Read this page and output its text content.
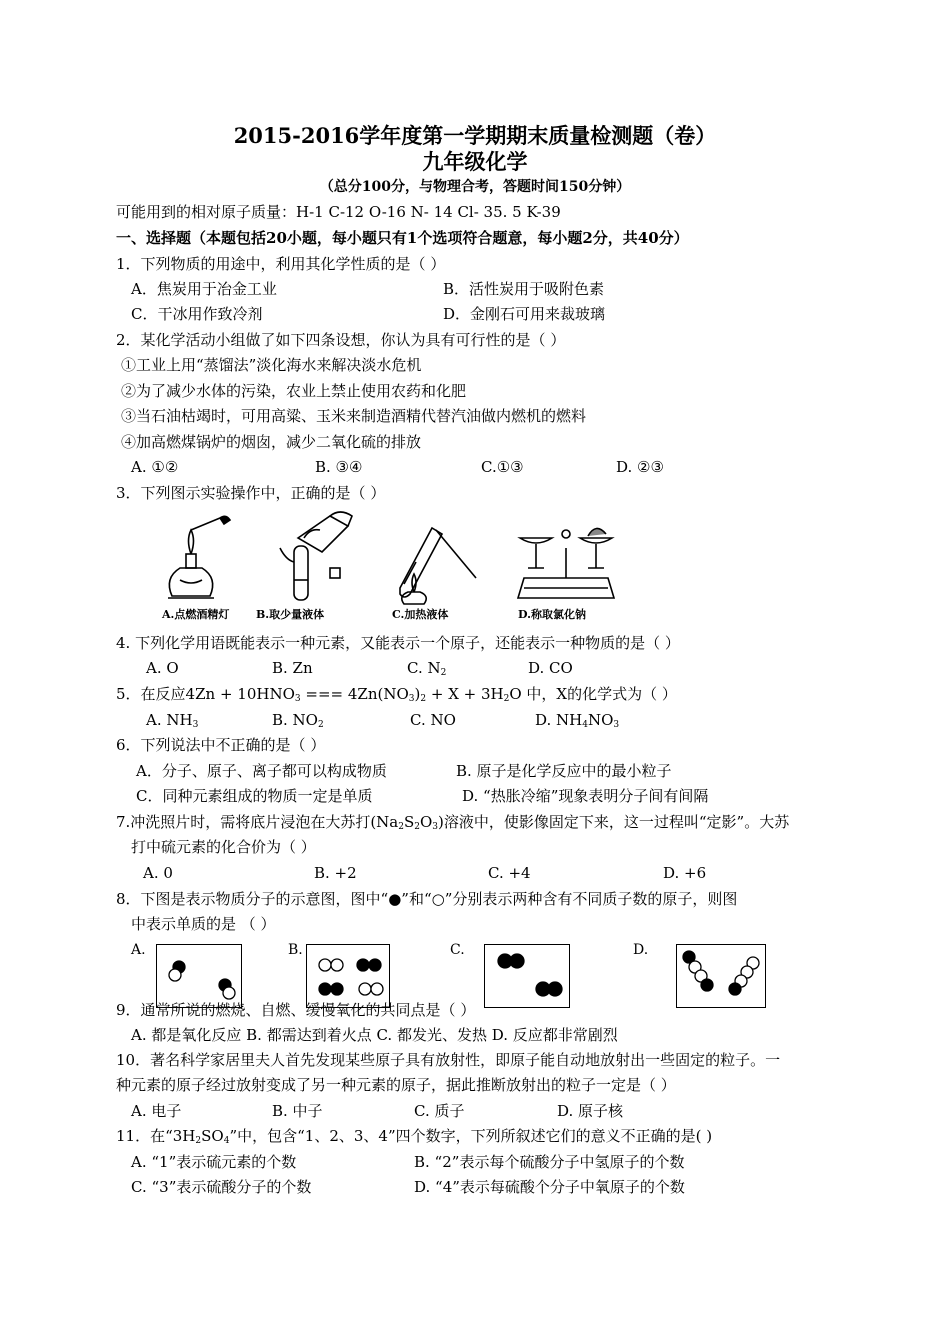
2015-2016学年度第一学期期末质量检测题（卷）
九年级化学
（总分100分，与物理合考，答题时间150分钟）
可能用到的相对原子质量：H-1 C-12 O-16 N- 14 Cl- 35. 5 K-39
一、选择题（本题包括20小题，每小题只有1个选项符合题意，每小题2分，共40分）
1．下列物质的用途中，利用其化学性质的是（ ）
A．焦炭用于冶金工业	B．活性炭用于吸附色素
C．干冰用作致冷剂	D．金刚石可用来裁玻璃
2．某化学活动小组做了如下四条设想，你认为具有可行性的是（ ）
①工业上用“蒸馏法”淡化海水来解决淡水危机
②为了减少水体的污染，农业上禁止使用农药和化肥
③当石油枯竭时，可用高粱、玉米来制造酒精代替汽油做内燃机的燃料
④加高燃煤锅炉的烟囱，减少二氧化硫的排放
A. ①②	B. ③④	C.①③	D. ②③
3．下列图示实验操作中，正确的是（ ）
A.点燃酒精灯 B.取少量液体	C.加热液体	D.称取氯化钠
4. 下列化学用语既能表示一种元素，又能表示一个原子，还能表示一种物质的是（ ）
A. O	B. Zn	C. $N_2$	D. CO
5．在反应$4Zn + 10HNO_3$ === $4Zn(NO_3)_2 + X + 3H_2O$ 中，X的化学式为（ ）
A. $NH_3$	B. $NO_2$	C. NO	D. $NH_4NO_3$
6．下列说法中不正确的是（ ）
A．分子、原子、离子都可以构成物质	B. 原子是化学反应中的最小粒子
C．同种元素组成的物质一定是单质	D. “热胀冷缩”现象表明分子间有间隔
7.冲洗照片时，需将底片浸泡在大苏打$(Na_2S_2O_3)$溶液中，使影像固定下来，这一过程叫“定影”。大苏
打中硫元素的化合价为（ ）
A. 0	B. +2	C. +4	D. +6
8．下图是表示物质分子的示意图，图中“●”和“○”分别表示两种含有不同质子数的原子，则图
中表示单质的是 （ ）
A.	B.	C.	D.
9．通常所说的燃烧、自燃、缓慢氧化的共同点是（ ）
A. 都是氧化反应 B. 都需达到着火点 C. 都发光、发热 D. 反应都非常剧烈
10．著名科学家居里夫人首先发现某些原子具有放射性，即原子能自动地放射出一些固定的粒子。一
种元素的原子经过放射变成了另一种元素的原子，据此推断放射出的粒子一定是（ ）
A. 电子	B. 中子	C. 质子	D. 原子核
11．在“$3H_2SO_4$”中，包含“1、2、3、4”四个数字，下列所叙述它们的意义不正确的是( )
A. “1”表示硫元素的个数	B. “2”表示每个硫酸分子中氢原子的个数
C. “3”表示硫酸分子的个数	D. “4”表示每硫酸个分子中氧原子的个数
